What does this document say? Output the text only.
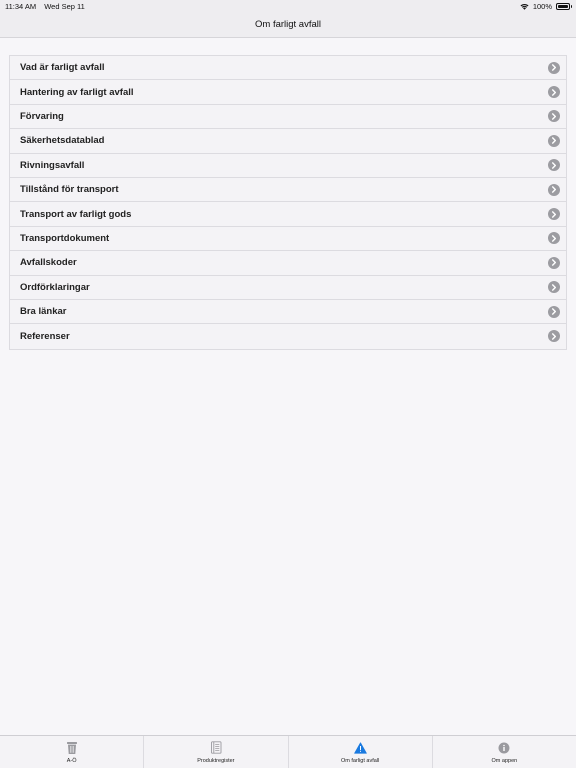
11:34 AM Wed Sep 11	100%
Om farligt avfall
Vad är farligt avfall
Hantering av farligt avfall
Förvaring
Säkerhetsdatablad
Rivningsavfall
Tillstånd för transport
Transport av farligt gods
Transportdokument
Avfallskoder
Ordförklaringar
Bra länkar
Referenser
A-Ö	Produktregister	Om farligt avfall	Om appen
